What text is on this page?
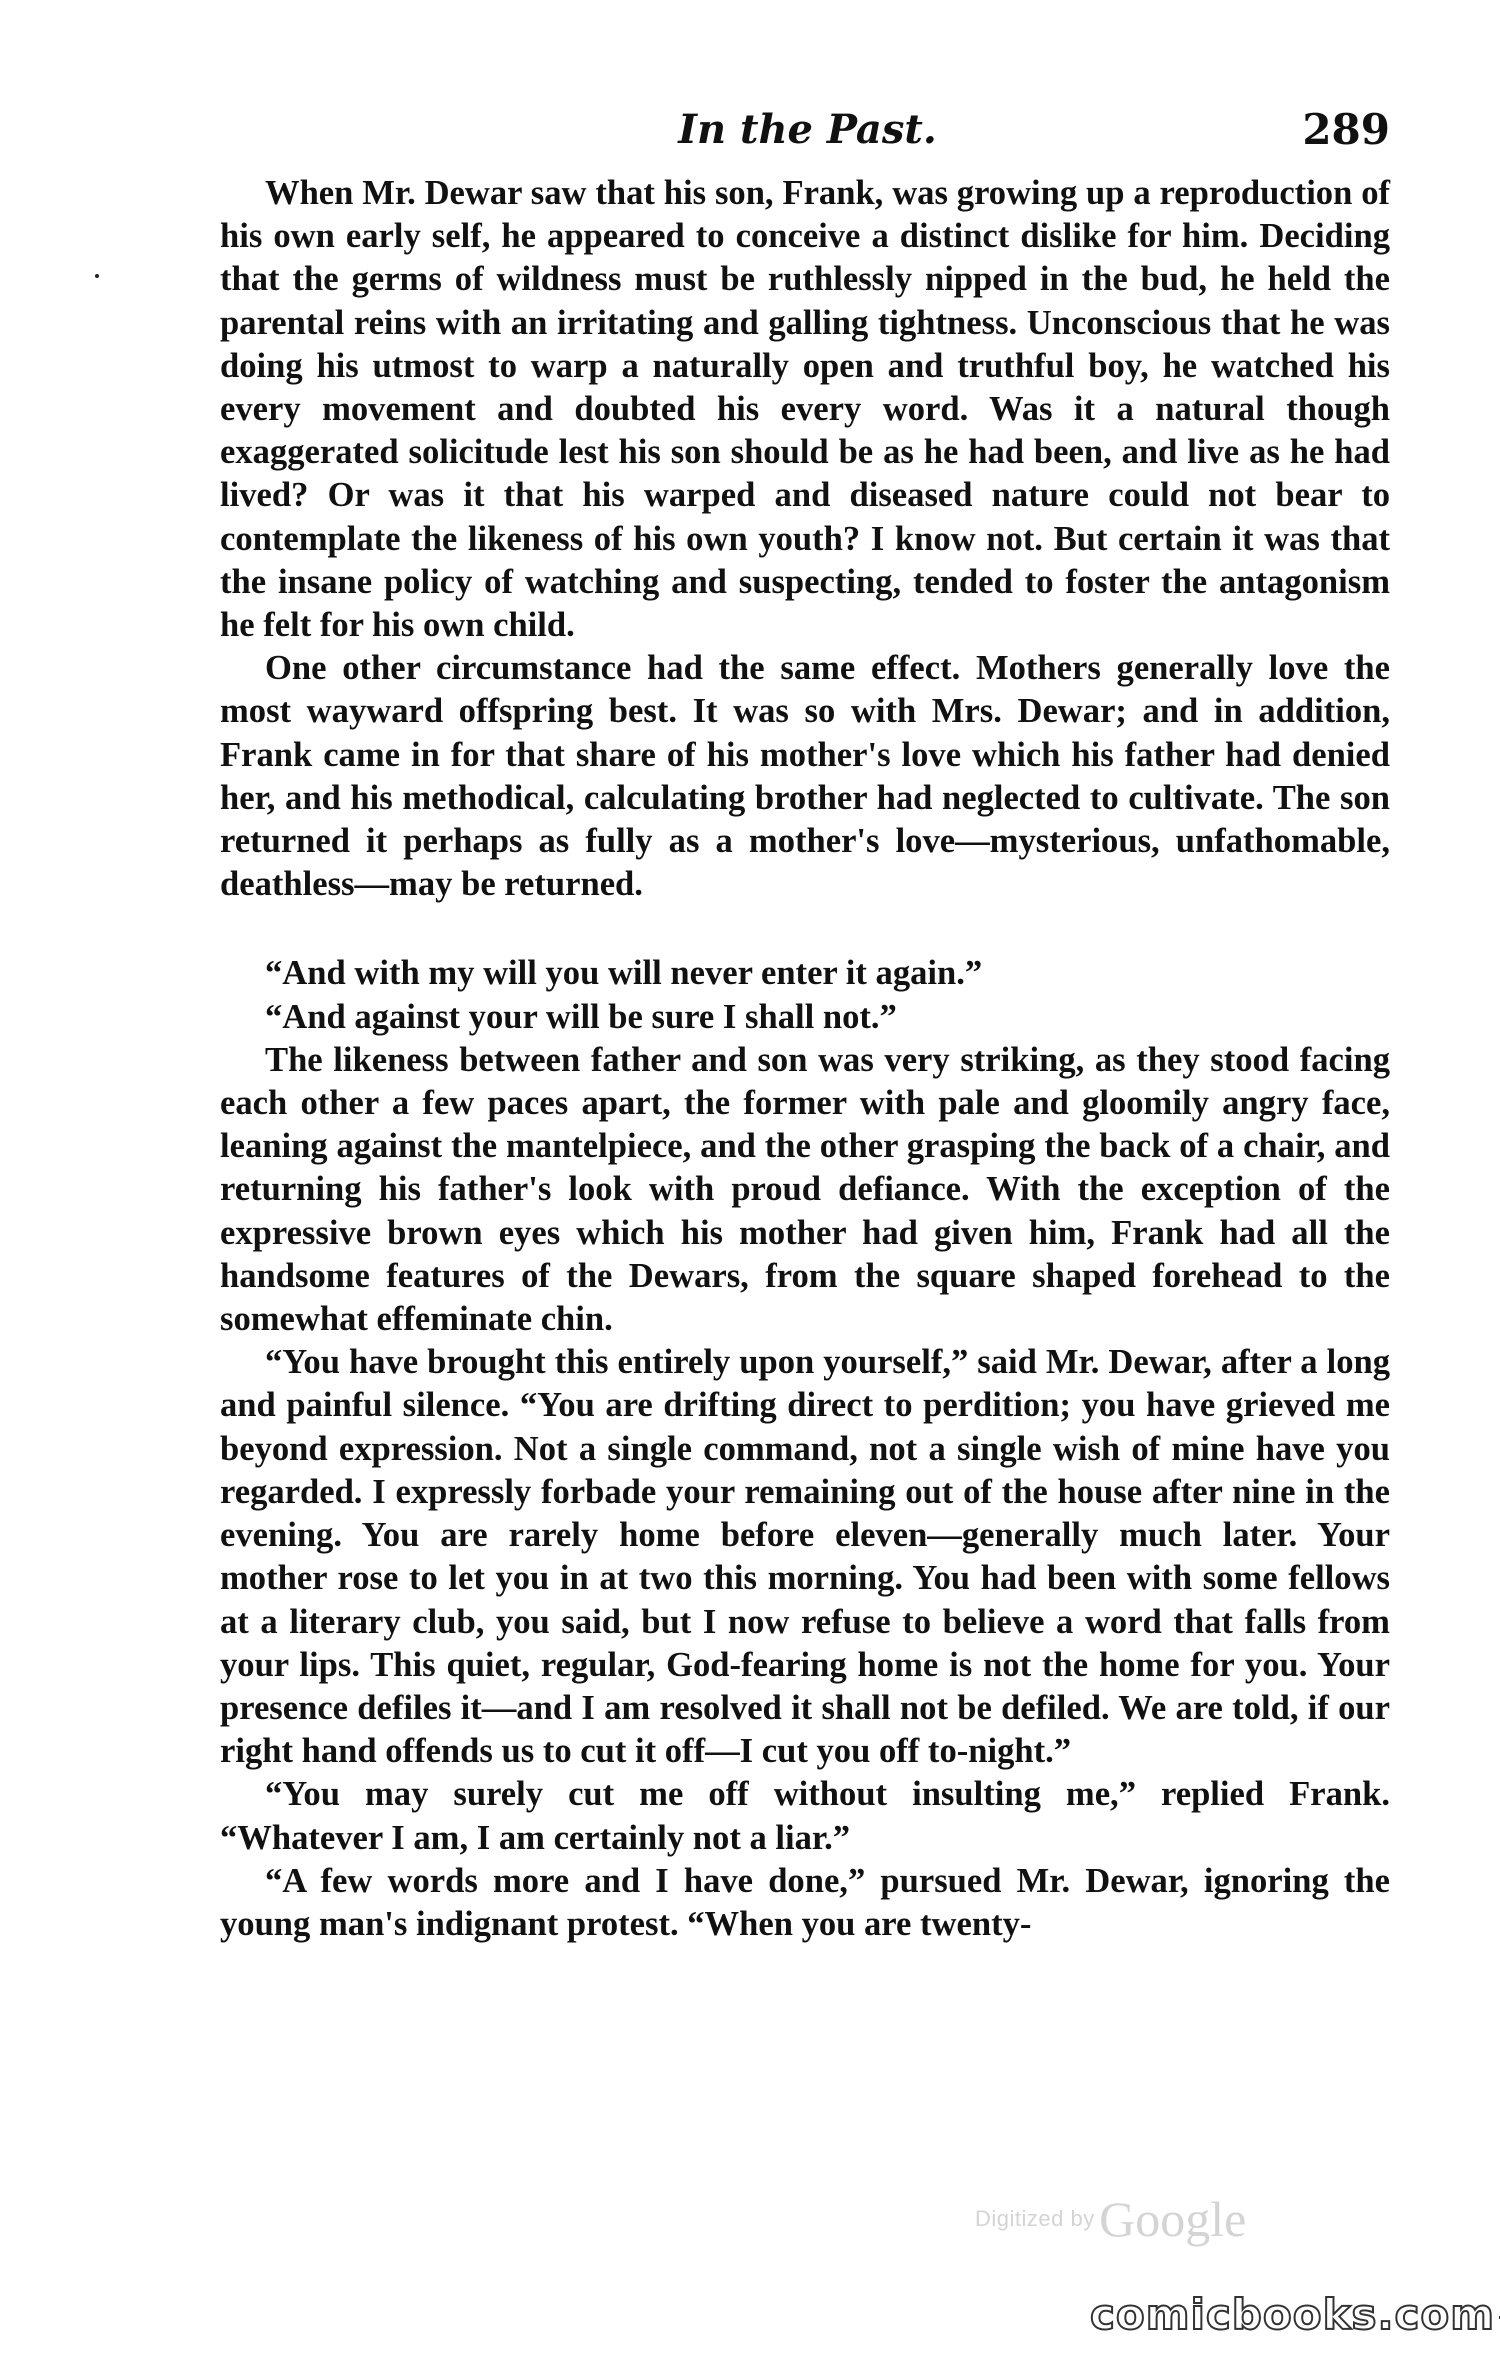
In the Past.	289

When Mr. Dewar saw that his son, Frank, was growing up a reproduction of his own early self, he appeared to conceive a distinct dislike for him. Deciding that the germs of wildness must be ruthlessly nipped in the bud, he held the parental reins with an irritating and galling tightness. Unconscious that he was doing his utmost to warp a naturally open and truthful boy, he watched his every movement and doubted his every word. Was it a natural though exaggerated solicitude lest his son should be as he had been, and live as he had lived? Or was it that his warped and diseased nature could not bear to contemplate the likeness of his own youth? I know not. But certain it was that the insane policy of watching and suspecting, tended to foster the antagonism he felt for his own child.

One other circumstance had the same effect. Mothers generally love the most wayward offspring best. It was so with Mrs. Dewar; and in addition, Frank came in for that share of his mother's love which his father had denied her, and his methodical, calculating brother had neglected to cultivate. The son returned it perhaps as fully as a mother's love—mysterious, unfathomable, deathless—may be returned.

“And with my will you will never enter it again.”

“And against your will be sure I shall not.”

The likeness between father and son was very striking, as they stood facing each other a few paces apart, the former with pale and gloomily angry face, leaning against the mantelpiece, and the other grasping the back of a chair, and returning his father's look with proud defiance. With the exception of the expressive brown eyes which his mother had given him, Frank had all the handsome features of the Dewars, from the square shaped forehead to the somewhat effeminate chin.

“You have brought this entirely upon yourself,” said Mr. Dewar, after a long and painful silence. “You are drifting direct to perdition; you have grieved me beyond expression. Not a single command, not a single wish of mine have you regarded. I expressly forbade your remaining out of the house after nine in the evening. You are rarely home before eleven—generally much later. Your mother rose to let you in at two this morning. You had been with some fellows at a literary club, you said, but I now refuse to believe a word that falls from your lips. This quiet, regular, God-fearing home is not the home for you. Your presence defiles it—and I am resolved it shall not be defiled. We are told, if our right hand offends us to cut it off—I cut you off to-night.”

“You may surely cut me off without insulting me,” replied Frank. “Whatever I am, I am certainly not a liar.”

“A few words more and I have done,” pursued Mr. Dewar, ignoring the young man's indignant protest. “When you are twenty-

Digitized by Google
comicbooks.com
